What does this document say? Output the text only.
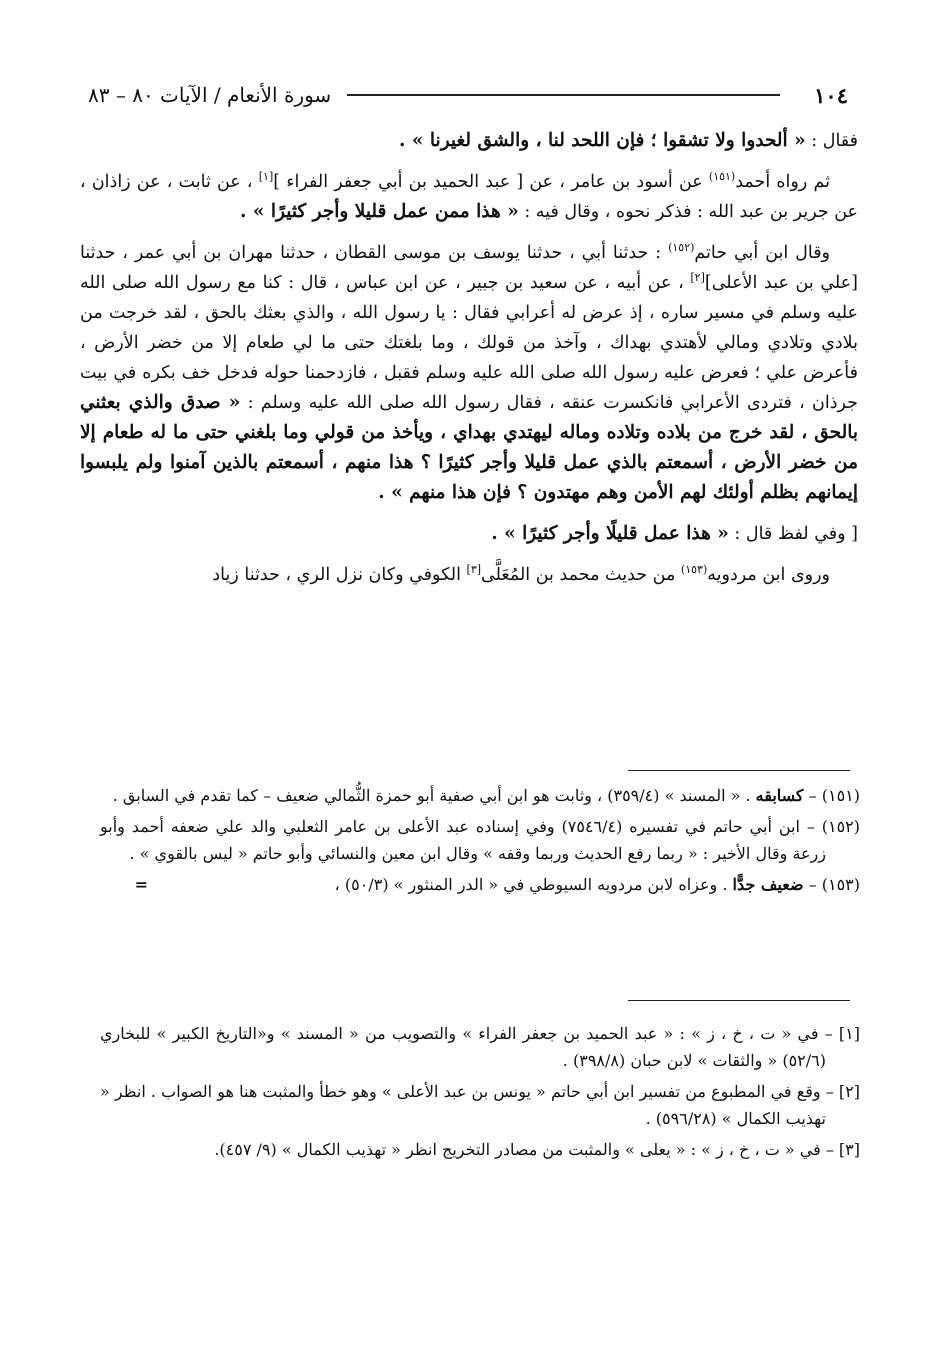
١٠٤
سورة الأنعام / الآيات ٨٠ – ٨٣

فقال : « ألحدوا ولا تشقوا ؛ فإن اللحد لنا ، والشق لغيرنا » .

ثم رواه أحمد$^{(١٥١)}$ عن أسود بن عامر ، عن [ عبد الحميد بن أبي جعفر الفراء ][١] ، عن ثابت ، عن زاذان ، عن جرير بن عبد الله : فذكر نحوه ، وقال فيه : « هذا ممن عمل قليلا وأجر كثيرًا » .

وقال ابن أبي حاتم$^{(١٥٢)}$ : حدثنا أبي ، حدثنا يوسف بن موسى القطان ، حدثنا مهران بن أبي عمر ، حدثنا [علي بن عبد الأعلى][٢] ، عن أبيه ، عن سعيد بن جبير ، عن ابن عباس ، قال : كنا مع رسول الله صلى الله عليه وسلم في مسير ساره ، إذ عرض له أعرابي فقال : يا رسول الله ، والذي بعثك بالحق ، لقد خرجت من بلادي وتلادي ومالي لأهتدي بهداك ، وآخذ من قولك ، وما بلغتك حتى ما لي طعام إلا من خضر الأرض ، فأعرض علي ؛ فعرض عليه رسول الله صلى الله عليه وسلم فقبل ، فازدحمنا حوله فدخل خف بكره في بيت جرذان ، فتردى الأعرابي فانكسرت عنقه ، فقال رسول الله صلى الله عليه وسلم : « صدق والذي بعثني بالحق ، لقد خرج من بلاده وتلاده وماله ليهتدي بهداي ، ويأخذ من قولي وما بلغني حتى ما له طعام إلا من خضر الأرض ، أسمعتم بالذي عمل قليلا وأجر كثيرًا ؟ هذا منهم ، أسمعتم بالذين آمنوا ولم يلبسوا إيمانهم بظلم أولئك لهم الأمن وهم مهتدون ؟ فإن هذا منهم » .

[ وفي لفظ قال : « هذا عمل قليلًا وأجر كثيرًا » .

وروى ابن مردويه$^{(١٥٣)}$ من حديث محمد بن المُعَلَّى[٣] الكوفي وكان نزل الري ، حدثنا زياد

(١٥١) – كسابقه . « المسند » (٣٥٩/٤) ، وثابت هو ابن أبي صفية أبو حمزة الثُّمالي ضعيف – كما تقدم في السابق .

(١٥٢) – ابن أبي حاتم في تفسيره (٧٥٤٦/٤) وفي إسناده عبد الأعلى بن عامر الثعلبي والد علي ضعفه أحمد وأبو زرعة وقال الأخير : « ربما رفع الحديث وربما وقفه » وقال ابن معين والنسائي وأبو حاتم « ليس بالقوي » .

=	(١٥٣) – ضعيف جدًّا . وعزاه لابن مردويه السيوطي في « الدر المنثور » (٥٠/٣) ،

[١] – في « ت ، خ ، ز » : « عبد الحميد بن جعفر الفراء » والتصويب من « المسند » و«التاريخ الكبير » للبخاري (٥٢/٦) « والثقات » لابن حبان (٣٩٨/٨) .

[٢] – وقع في المطبوع من تفسير ابن أبي حاتم « يونس بن عبد الأعلى » وهو خطأ والمثبت هنا هو الصواب . انظر « تهذيب الكمال » (٥٩٦/٢٨) .

[٣] – في « ت ، خ ، ز » : « يعلى » والمثبت من مصادر التخريج انظر « تهذيب الكمال » (٩/ ٤٥٧).
